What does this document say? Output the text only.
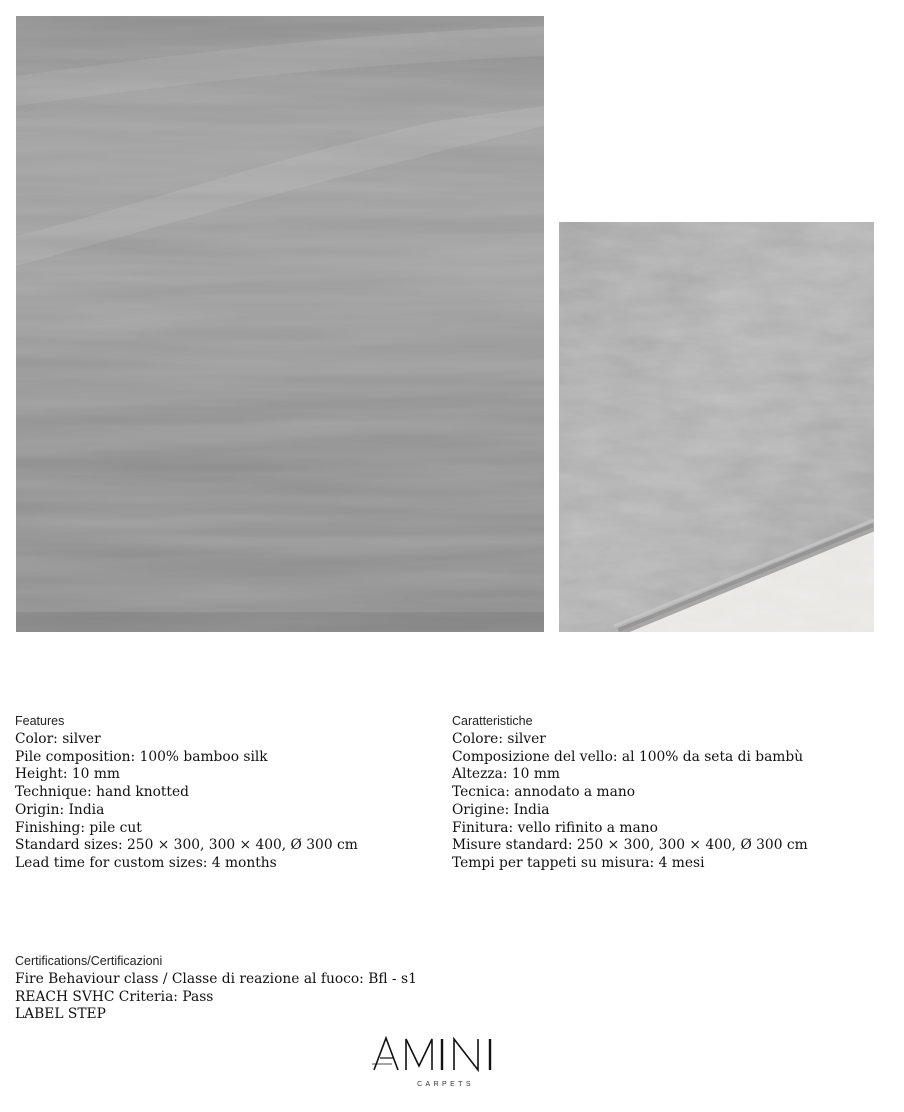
Features
Color: silver
Pile composition: 100% bamboo silk
Height: 10 mm
Technique: hand knotted
Origin: India
Finishing: pile cut
Standard sizes: 250 × 300, 300 × 400, Ø 300 cm
Lead time for custom sizes: 4 months
Caratteristiche
Colore: silver
Composizione del vello: al 100% da seta di bambù
Altezza: 10 mm
Tecnica: annodato a mano
Origine: India
Finitura: vello rifinito a mano
Misure standard: 250 × 300, 300 × 400, Ø 300 cm
Tempi per tappeti su misura: 4 mesi
Certifications/Certificazioni
Fire Behaviour class / Classe di reazione al fuoco: Bfl - s1
REACH SVHC Criteria: Pass
LABEL STEP
CARPETS
